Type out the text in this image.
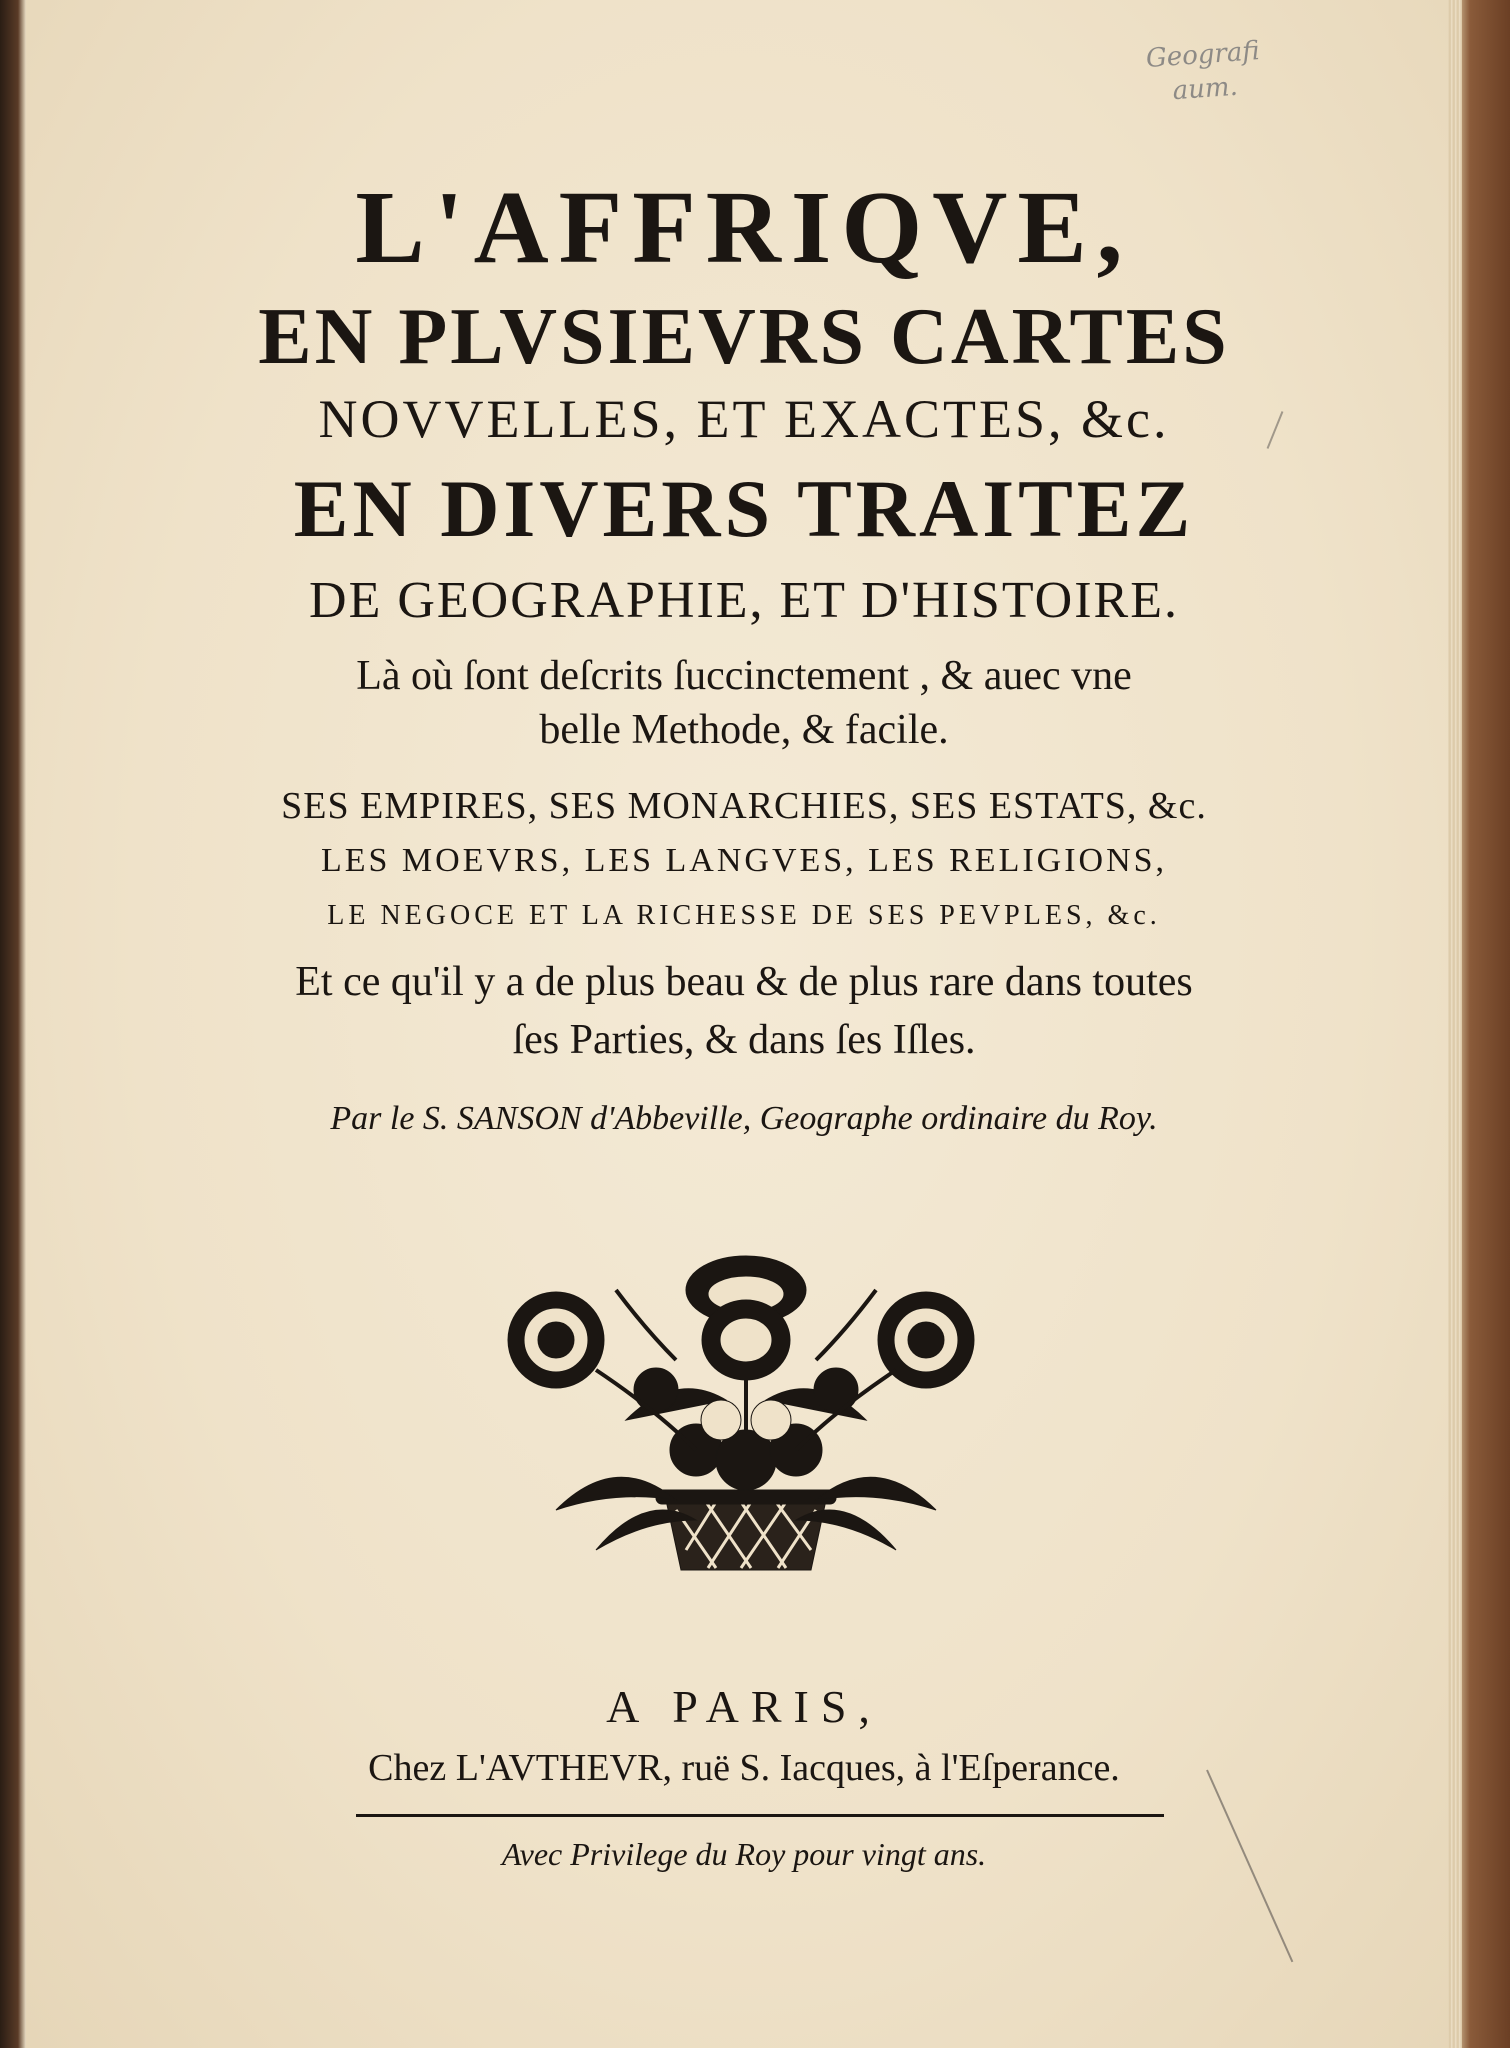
Geografi
aum.
L'AFFRIQVE,
EN PLVSIEVRS CARTES
NOVVELLES, ET EXACTES, &c.
EN DIVERS TRAITEZ
DE GEOGRAPHIE, ET D'HISTOIRE.
Là où ſont deſcrits ſuccinctement , & auec vne
belle Methode, & facile.
SES EMPIRES, SES MONARCHIES, SES ESTATS, &c.
LES MOEVRS, LES LANGVES, LES RELIGIONS,
LE NEGOCE ET LA RICHESSE DE SES PEVPLES, &c.
Et ce qu'il y a de plus beau & de plus rare dans toutes
ſes Parties, & dans ſes Iſles.
Par le S. SANSON d'Abbeville, Geographe ordinaire du Roy.
A PARIS,
Chez L'AVTHEVR, ruë S. Iacques, à l'Eſperance.
Avec Privilege du Roy pour vingt ans.
